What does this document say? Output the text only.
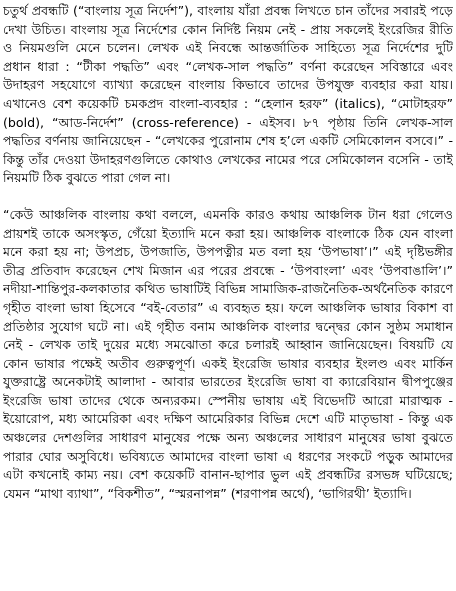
চতুর্থ প্রবন্ধটি (“বাংলায় সূত্র নির্দেশ”), বাংলায় যাঁরা প্রবন্ধ লিখতে চান তাঁদের সবারই পড়ে দেখা উচিত। বাংলায় সূত্র নির্দেশের কোন নির্দিষ্ট নিয়ম নেই - প্রায় সকলেই ইংরেজির রীতি ও নিয়মগুলি মেনে চলেন। লেখক এই নিবন্ধে আন্তর্জাতিক সাহিত্যে সূত্র নির্দেশের দুটি প্রধান ধারা : “টীকা পদ্ধতি” এবং “লেখক-সাল পদ্ধতি” বর্ণনা করেছেন সবিস্তারে এবং উদাহরণ সহযোগে ব্যাখ্যা করেছেন বাংলায় কিভাবে তাদের উপযুক্ত ব্যবহার করা যায়। এখানেও বেশ কয়েকটি চমকপ্রদ বাংলা-ব্যবহার : “হেলান হরফ” (italics), “মোটাহরফ” (bold), “আড-নির্দেশ” (cross-reference) - এইসব। ৮৭ পৃষ্ঠায় তিনি লেখক-সাল পদ্ধতির বর্ণনায় জানিয়েছেন - “লেখকের পুরোনাম শেষ হ’লে একটি সেমিকোলন বসবে।” - কিন্তু তাঁর দেওয়া উদাহরণগুলিতে কোথাও লেখকের নামের পরে সেমিকোলন বসেনি - তাই নিয়মটি ঠিক বুঝতে পারা গেল না।

“কেউ আঞ্চলিক বাংলায় কথা বললে, এমনকি কারও কথায় আঞ্চলিক টান ধরা গেলেও প্রায়শই তাকে অসংস্কৃত, গেঁয়ো ইত্যাদি মনে করা হয়। আঞ্চলিক বাংলাকে ঠিক যেন বাংলা মনে করা হয় না; উপপ্রচ, উপজাতি, উপপত্নীর মত বলা হয় ‘উপভাষা’।” এই দৃষ্টিভঙ্গীর তীব্র প্রতিবাদ করেছেন শেখ মিজান এর পরের প্রবন্ধে - ‘উপবাংলা’ এবং ‘উপবাঙালি’।” নদীয়া-শান্তিপুর-কলকাতার কথিত ভাষাটিই বিভিন্ন সামাজিক-রাজনৈতিক-অর্থনৈতিক কারণে গৃহীত বাংলা ভাষা হিসেবে “বই-বেতার” এ ব্যবহৃত হয়। ফলে আঞ্চলিক ভাষার বিকাশ বা প্রতিষ্ঠার সুযোগ ঘটে না। এই গৃহীত বনাম আঞ্চলিক বাংলার দ্বন্দ্বের কোন সুষ্ঠম সমাধান নেই - লেখক তাই দুয়ের মধ্যে সমঝোতা করে চলারই আহ্বান জানিয়েছেন। বিষয়টি যে কোন ভাষার পক্ষেই অতীব গুরুত্বপূর্ণ। একই ইংরেজি ভাষার ব্যবহার ইংলণ্ড এবং মার্কিন যুক্তরাষ্ট্রে অনেকটাই আলাদা - আবার ভারতের ইংরেজি ভাষা বা ক্যারেবিয়ান দ্বীপপুঞ্জের ইংরেজি ভাষা তাদের থেকে অন্যরকম। স্পেনীয় ভাষায় এই বিভেদটি আরো মারাত্মক - ইয়োরোপ, মধ্য আমেরিকা এবং দক্ষিণ আমেরিকার বিভিন্ন দেশে এটি মাতৃভাষা - কিন্তু এক অঞ্চলের দেশগুলির সাধারণ মানুষের পক্ষে অন্য অঞ্চলের সাধারণ মানুষের ভাষা বুঝতে পারার ঘোর অসুবিধে। ভবিষ্যতে আমাদের বাংলা ভাষা এ ধরণের সংকটে পড়ুক আমাদের এটা কখনোই কাম্য নয়। বেশ কয়েকটি বানান-ছাপার ভুল এই প্রবন্ধটির রসভঙ্গ ঘটিয়েছে; যেমন “মাথা ব্যাথা”, “বিকশীত”, “স্মরনাপন্ন” (শরণাপন্ন অর্থে), ‘ভাগিরথী’ ইত্যাদি।
